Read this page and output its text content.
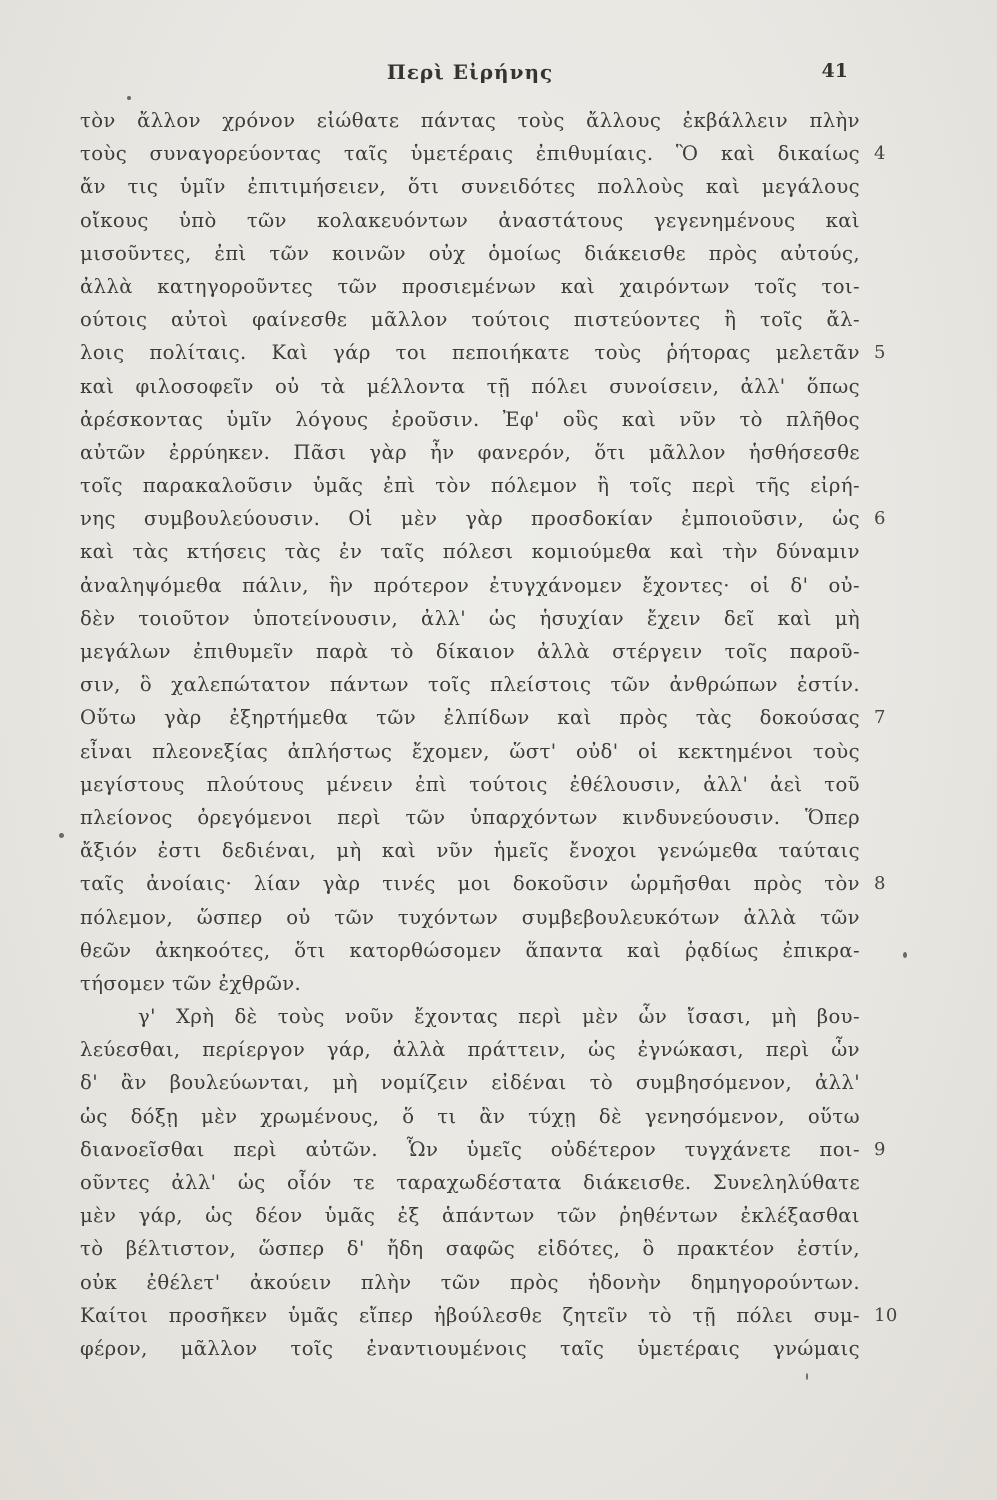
Περὶ Εἰρήνης	41
τὸν ἄλλον χρόνον εἰώθατε πάντας τοὺς ἄλλους ἐκβάλλειν πλὴν
τοὺς συναγορεύοντας ταῖς ὑμετέραις ἐπιθυμίαις. Ὃ καὶ δικαίως 4
ἄν τις ὑμῖν ἐπιτιμήσειεν, ὅτι συνειδότες πολλοὺς καὶ μεγάλους
οἴκους ὑπὸ τῶν κολακευόντων ἀναστάτους γεγενημένους καὶ
μισοῦντες, ἐπὶ τῶν κοινῶν οὐχ ὁμοίως διάκεισθε πρὸς αὐτούς,
ἀλλὰ κατηγοροῦντες τῶν προσιεμένων καὶ χαιρόντων τοῖς τοι-
ούτοις αὐτοὶ φαίνεσθε μᾶλλον τούτοις πιστεύοντες ἢ τοῖς ἄλ-
λοις πολίταις. Καὶ γάρ τοι πεποιήκατε τοὺς ῥήτορας μελετᾶν 5
καὶ φιλοσοφεῖν οὐ τὰ μέλλοντα τῇ πόλει συνοίσειν, ἀλλ' ὅπως
ἀρέσκοντας ὑμῖν λόγους ἐροῦσιν. Ἐφ' οὓς καὶ νῦν τὸ πλῆθος
αὐτῶν ἐρρύηκεν. Πᾶσι γὰρ ἦν φανερόν, ὅτι μᾶλλον ἡσθήσεσθε
τοῖς παρακαλοῦσιν ὑμᾶς ἐπὶ τὸν πόλεμον ἢ τοῖς περὶ τῆς εἰρή-
νης συμβουλεύουσιν. Οἱ μὲν γὰρ προσδοκίαν ἐμποιοῦσιν, ὡς 6
καὶ τὰς κτήσεις τὰς ἐν ταῖς πόλεσι κομιούμεθα καὶ τὴν δύναμιν
ἀναληψόμεθα πάλιν, ἣν πρότερον ἐτυγχάνομεν ἔχοντες· οἱ δ' οὐ-
δὲν τοιοῦτον ὑποτείνουσιν, ἀλλ' ὡς ἡσυχίαν ἔχειν δεῖ καὶ μὴ
μεγάλων ἐπιθυμεῖν παρὰ τὸ δίκαιον ἀλλὰ στέργειν τοῖς παροῦ-
σιν, ὃ χαλεπώτατον πάντων τοῖς πλείστοις τῶν ἀνθρώπων ἐστίν.
Οὕτω γὰρ ἐξηρτήμεθα τῶν ἐλπίδων καὶ πρὸς τὰς δοκούσας 7
εἶναι πλεονεξίας ἀπλήστως ἔχομεν, ὥστ' οὐδ' οἱ κεκτημένοι τοὺς
μεγίστους πλούτους μένειν ἐπὶ τούτοις ἐθέλουσιν, ἀλλ' ἀεὶ τοῦ
πλείονος ὀρεγόμενοι περὶ τῶν ὑπαρχόντων κινδυνεύουσιν. Ὅπερ
ἄξιόν ἐστι δεδιέναι, μὴ καὶ νῦν ἡμεῖς ἔνοχοι γενώμεθα ταύταις
ταῖς ἀνοίαις· λίαν γὰρ τινές μοι δοκοῦσιν ὡρμῆσθαι πρὸς τὸν 8
πόλεμον, ὥσπερ οὐ τῶν τυχόντων συμβεβουλευκότων ἀλλὰ τῶν
θεῶν ἀκηκοότες, ὅτι κατορθώσομεν ἅπαντα καὶ ῥᾳδίως ἐπικρα-
τήσομεν τῶν ἐχθρῶν.
γ' Χρὴ δὲ τοὺς νοῦν ἔχοντας περὶ μὲν ὧν ἴσασι, μὴ βου-
λεύεσθαι, περίεργον γάρ, ἀλλὰ πράττειν, ὡς ἐγνώκασι, περὶ ὧν
δ' ἂν βουλεύωνται, μὴ νομίζειν εἰδέναι τὸ συμβησόμενον, ἀλλ'
ὡς δόξῃ μὲν χρωμένους, ὅ τι ἂν τύχῃ δὲ γενησόμενον, οὕτω
διανοεῖσθαι περὶ αὐτῶν. Ὧν ὑμεῖς οὐδέτερον τυγχάνετε ποι- 9
οῦντες ἀλλ' ὡς οἷόν τε ταραχωδέστατα διάκεισθε. Συνεληλύθατε
μὲν γάρ, ὡς δέον ὑμᾶς ἐξ ἁπάντων τῶν ῥηθέντων ἐκλέξασθαι
τὸ βέλτιστον, ὥσπερ δ' ἤδη σαφῶς εἰδότες, ὃ πρακτέον ἐστίν,
οὐκ ἐθέλετ' ἀκούειν πλὴν τῶν πρὸς ἡδονὴν δημηγορούντων.
Καίτοι προσῆκεν ὑμᾶς εἴπερ ἠβούλεσθε ζητεῖν τὸ τῇ πόλει συμ- 10
φέρον, μᾶλλον τοῖς ἐναντιουμένοις ταῖς ὑμετέραις γνώμαις
